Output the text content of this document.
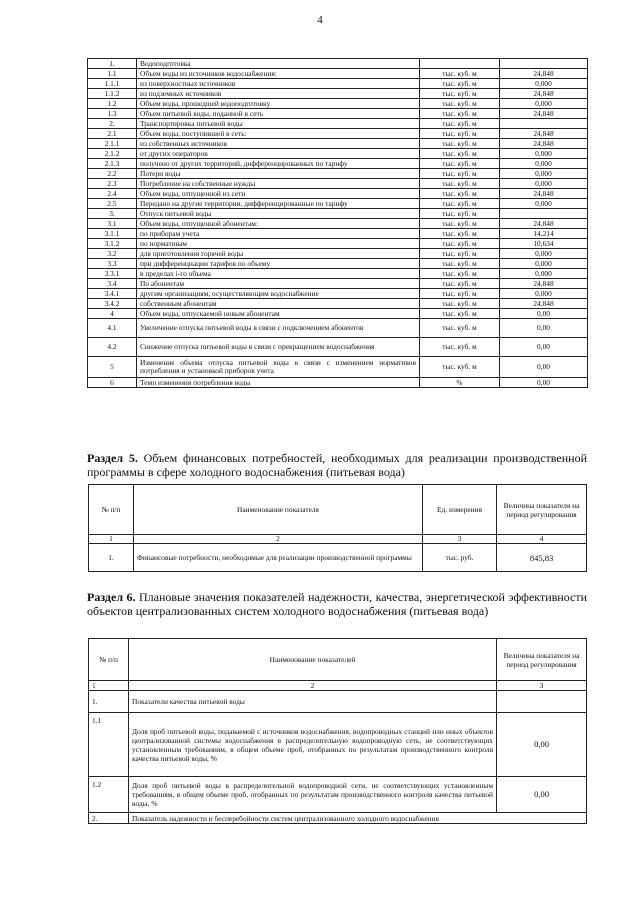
4
1.	Водоподготовка		
1.1	Объем воды из источников водоснабжения:	тыс. куб. м	24,848
1.1.1	из поверхностных источников	тыс. куб. м	0,000
1.1.2	из подземных источников	тыс. куб. м	24,848
1.2	Объем воды, прошедшей водоподготовку	тыс. куб. м	0,000
1.3	Объем питьевой воды, поданной в сеть	тыс. куб. м	24,848
2.	Транспортировка питьевой воды	тыс. куб. м	
2.1	Объем воды, поступившей в сеть:	тыс. куб. м	24,848
2.1.1	из собственных источников	тыс. куб. м	24,848
2.1.2	от других операторов	тыс. куб. м	0,000
2.1.3	получено от других территорий, дифференцированных по тарифу	тыс. куб. м	0,000
2.2	Потери воды	тыс. куб. м	0,000
2.3	Потребление на собственные нужды	тыс. куб. м	0,000
2.4	Объем воды, отпущенной из сети	тыс. куб. м	24,848
2.5	Передано на другие территории, дифференцированные по тарифу	тыс. куб. м	0,000
3.	Отпуск питьевой воды	тыс. куб. м	
3.1	Объем воды, отпущенной абонентам:	тыс. куб. м	24,848
3.1.1	по приборам учета	тыс. куб. м	14,214
3.1.2	по нормативам	тыс. куб. м	10,634
3.2	для приготовления горячей воды	тыс. куб. м	0,000
3.3	при дифференциации тарифов по объему	тыс. куб. м	0,000
3.3.1	в пределах i-го объема	тыс. куб. м	0,000
3.4	По абонентам	тыс. куб. м	24,848
3.4.1	другим организациям, осуществляющим водоснабжение	тыс. куб. м	0,000
3.4.2	собственным абонентам	тыс. куб. м	24,848
4	Объем воды, отпускаемой новым абонентам	тыс. куб. м	0,00
4.1	Увеличение отпуска питьевой воды в связи с подключением абонентов	тыс. куб. м	0,00
4.2	Снижение отпуска питьевой воды в связи с прекращением водоснабжения	тыс. куб. м	0,00
5	Изменение объема отпуска питьевой воды в связи с изменением нормативов потребления и установкой приборов учета	тыс. куб. м	0,00
6	Темп изменения потребления воды	%	0,00
Раздел 5. Объем финансовых потребностей, необходимых для реализации производственной программы в сфере холодного водоснабжения (питьевая вода)
№ п/п	Наименование показателя	Ед. измерения	Величина показателя на период регулирования
1	2	3	4
1.	Финансовые потребности, необходимые для реализации производственной программы	тыс. руб.	845,83
Раздел 6. Плановые значения показателей надежности, качества, энергетической эффективности объектов централизованных систем холодного водоснабжения (питьевая вода)
№ п/п	Наименование показателей	Величина показателя на период регулирования
1	2	3
1.	Показатели качества питьевой воды	
1.1	Доля проб питьевой воды, подаваемой с источников водоснабжения, водопроводных станций или иных объектов централизованной системы водоснабжения в распределительную водопроводную сеть, не соответствующих установленным требованиям, в общем объеме проб, отобранных по результатам производственного контроля качества питьевой воды, %	0,00
1.2	Доля проб питьевой воды в распределительной водопроводной сети, не соответствующих установленным требованиям, в общем объеме проб, отобранных по результатам производственного контроля качества питьевой воды, %	0,00
2.	Показатель надежности и бесперебойности систем централизованного холодного водоснабжения	
